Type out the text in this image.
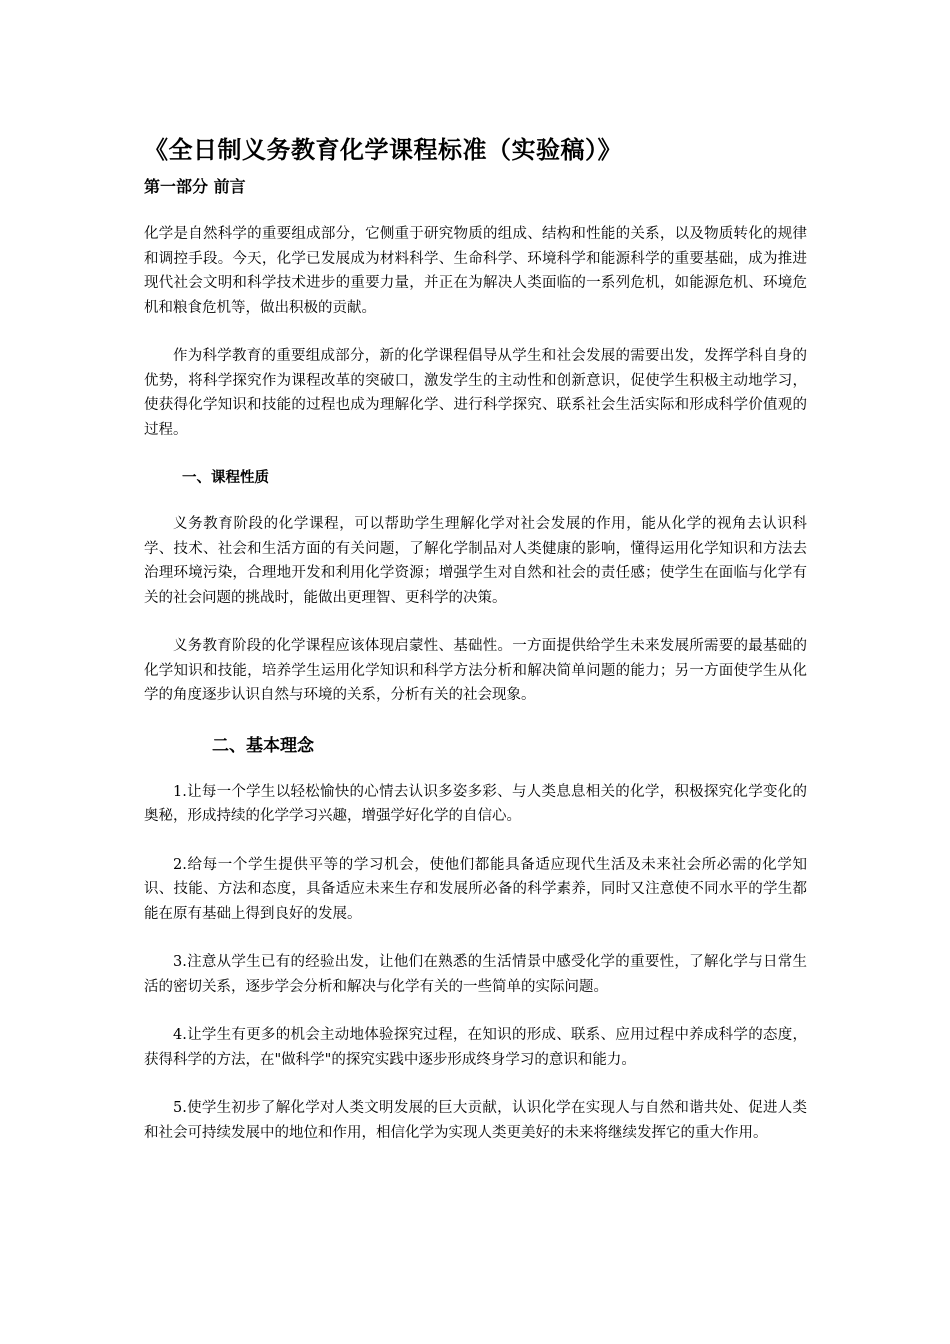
《全日制义务教育化学课程标准（实验稿）》
第一部分 前言

化学是自然科学的重要组成部分，它侧重于研究物质的组成、结构和性能的关系，以及物质转化的规律和调控手段。今天，化学已发展成为材料科学、生命科学、环境科学和能源科学的重要基础，成为推进现代社会文明和科学技术进步的重要力量，并正在为解决人类面临的一系列危机，如能源危机、环境危机和粮食危机等，做出积极的贡献。

作为科学教育的重要组成部分，新的化学课程倡导从学生和社会发展的需要出发，发挥学科自身的优势，将科学探究作为课程改革的突破口，激发学生的主动性和创新意识，促使学生积极主动地学习，使获得化学知识和技能的过程也成为理解化学、进行科学探究、联系社会生活实际和形成科学价值观的过程。

一、课程性质

义务教育阶段的化学课程，可以帮助学生理解化学对社会发展的作用，能从化学的视角去认识科学、技术、社会和生活方面的有关问题，了解化学制品对人类健康的影响，懂得运用化学知识和方法去治理环境污染，合理地开发和利用化学资源；增强学生对自然和社会的责任感；使学生在面临与化学有关的社会问题的挑战时，能做出更理智、更科学的决策。

义务教育阶段的化学课程应该体现启蒙性、基础性。一方面提供给学生未来发展所需要的最基础的化学知识和技能，培养学生运用化学知识和科学方法分析和解决简单问题的能力；另一方面使学生从化学的角度逐步认识自然与环境的关系，分析有关的社会现象。

二、基本理念

1.让每一个学生以轻松愉快的心情去认识多姿多彩、与人类息息相关的化学，积极探究化学变化的奥秘，形成持续的化学学习兴趣，增强学好化学的自信心。

2.给每一个学生提供平等的学习机会，使他们都能具备适应现代生活及未来社会所必需的化学知识、技能、方法和态度，具备适应未来生存和发展所必备的科学素养，同时又注意使不同水平的学生都能在原有基础上得到良好的发展。

3.注意从学生已有的经验出发，让他们在熟悉的生活情景中感受化学的重要性，了解化学与日常生活的密切关系，逐步学会分析和解决与化学有关的一些简单的实际问题。

4.让学生有更多的机会主动地体验探究过程，在知识的形成、联系、应用过程中养成科学的态度，获得科学的方法，在"做科学"的探究实践中逐步形成终身学习的意识和能力。

5.使学生初步了解化学对人类文明发展的巨大贡献，认识化学在实现人与自然和谐共处、促进人类和社会可持续发展中的地位和作用，相信化学为实现人类更美好的未来将继续发挥它的重大作用。
